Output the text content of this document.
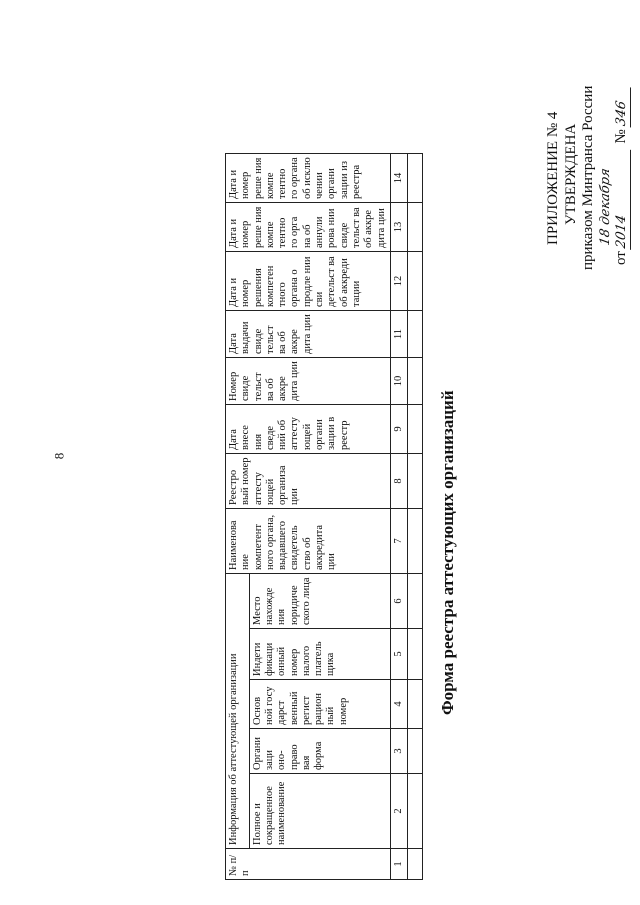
8
ПРИЛОЖЕНИЕ № 4 УТВЕРЖДЕНА приказом Минтранса России	от 18 декабря 2014 № 346
Форма реестра аттестующих организаций
№ п/п	Информация об аттестующей организации					Наименова ние компетент ного органа, выдавшего свидетель ство об аккредита ции	Реестро вый номер аттесту ющей организа ции	Дата внесе ния сведе ний об аттесту ющей органи зации в реестр	Номер свиде тельст ва об аккре дита ции	Дата выдачи свиде тельст ва об аккре дита ции	Дата и номер решения компетен тного органа о продле нии сви детельст ва об аккреди тации	Дата и номер реше ния компе тентно го орга на об аннули рова нии свиде тельст ва об аккре дита ции	Дата и номер реше ния компе тентно го органа об исклю чении органи зации из реестра
	Полное и сокращенное наименование	Органи заци оно-право вая форма	Основ ной госу дарст венный регист рацион ный номер	Индети фикаци онный номер налого платель щика	Место нахожде ния юридиче ского лица								
1	2	3	4	5	6	7	8	9	10	11	12	13	14
